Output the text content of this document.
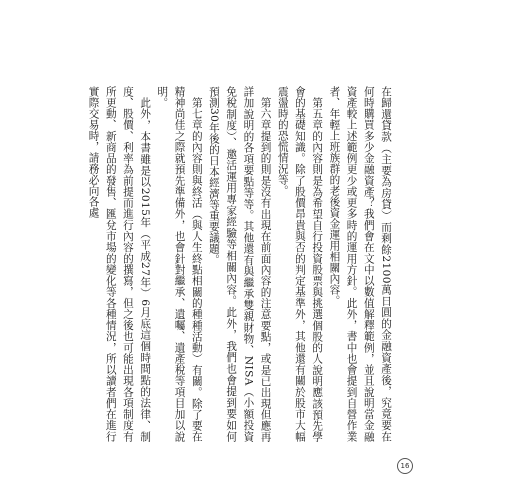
在歸還貸款（主要為房貸）而剩餘2100萬日圓的金融資產後，究竟要在何時購買多少金融資產？我們會在文中以數值解釋範例，並且說明當金融資產較上述範例更少或更多時的運用方針。此外，書中也會提到自營作業者、年輕上班族群的老後資金運用相關內容。

第五章的內容則是為希望自行投資股票與挑選個股的人說明應該預先學會的基礎知識。除了股價昂貴與否的判定基準外，其他還有關於股市大幅震盪時的恐慌情況等。

第六章提到的則是沒有出現在前面內容的注意要點，或是已出現但應再詳加說明的各項要點等等。其他還有與繼承雙親財物、NISA（小額投資免稅制度）、邀活運用專家經驗等相關內容。此外，我們也會提到要如何預測30年後的日本經濟等重要議題。

第七章的內容則與終活（與人生終點相關的種種活動）有關。除了要在精神尚佳之際就預先準備外，也會針對繼承、遺囑、遺產稅等項目加以說明。

此外，本書雖是以2015年（平成27年）6月底這個時間點的法律、制度、股價、利率為前提而進行內容的撰寫，但之後也可能出現各項制度有所更動、新商品的發售、匯兌市場的變化等各種情況，所以讀者們在進行實際交易時，請務必向各處

16
